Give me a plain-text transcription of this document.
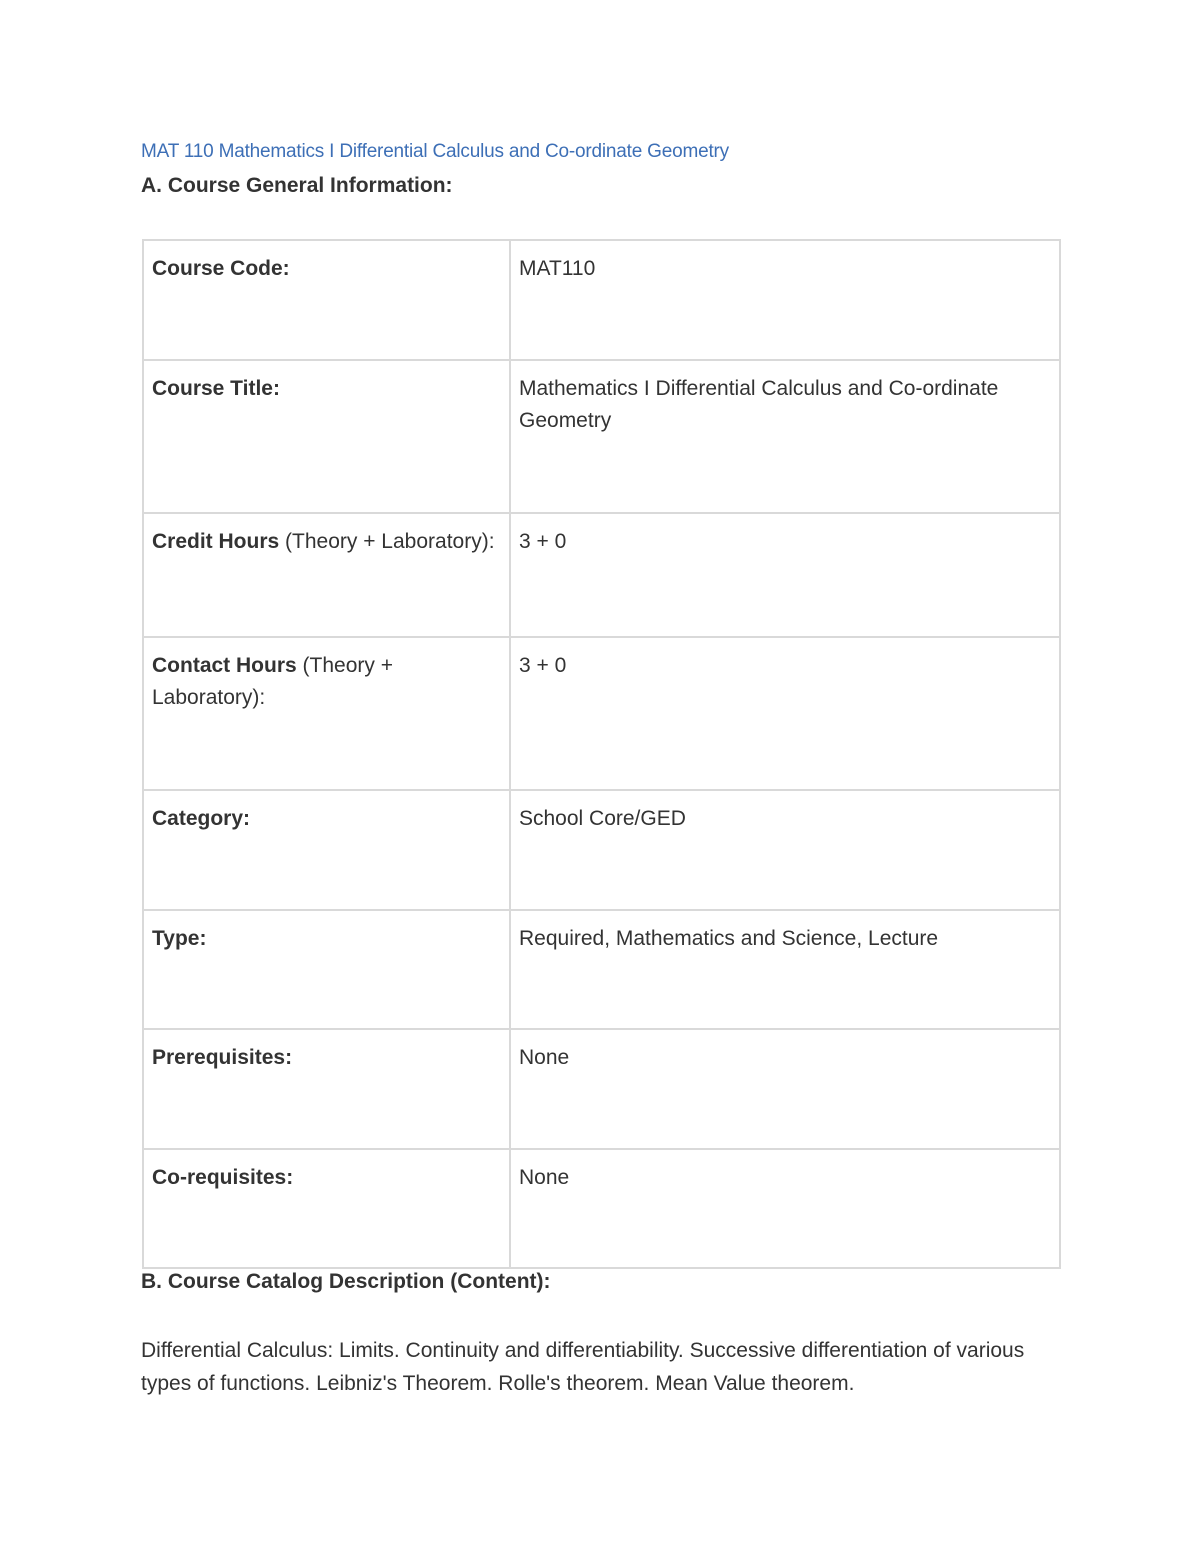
MAT 110 Mathematics I Differential Calculus and Co-ordinate Geometry
A. Course General Information:
Course Code:	MAT110
Course Title:	Mathematics I Differential Calculus and Co-ordinate Geometry
Credit Hours (Theory + Laboratory):	3 + 0
Contact Hours (Theory + Laboratory):	3 + 0
Category:	School Core/GED
Type:	Required, Mathematics and Science, Lecture
Prerequisites:	None
Co-requisites:	None
B. Course Catalog Description (Content):
Differential Calculus: Limits. Continuity and differentiability. Successive differentiation of various types of functions. Leibniz's Theorem. Rolle's theorem. Mean Value theorem.
